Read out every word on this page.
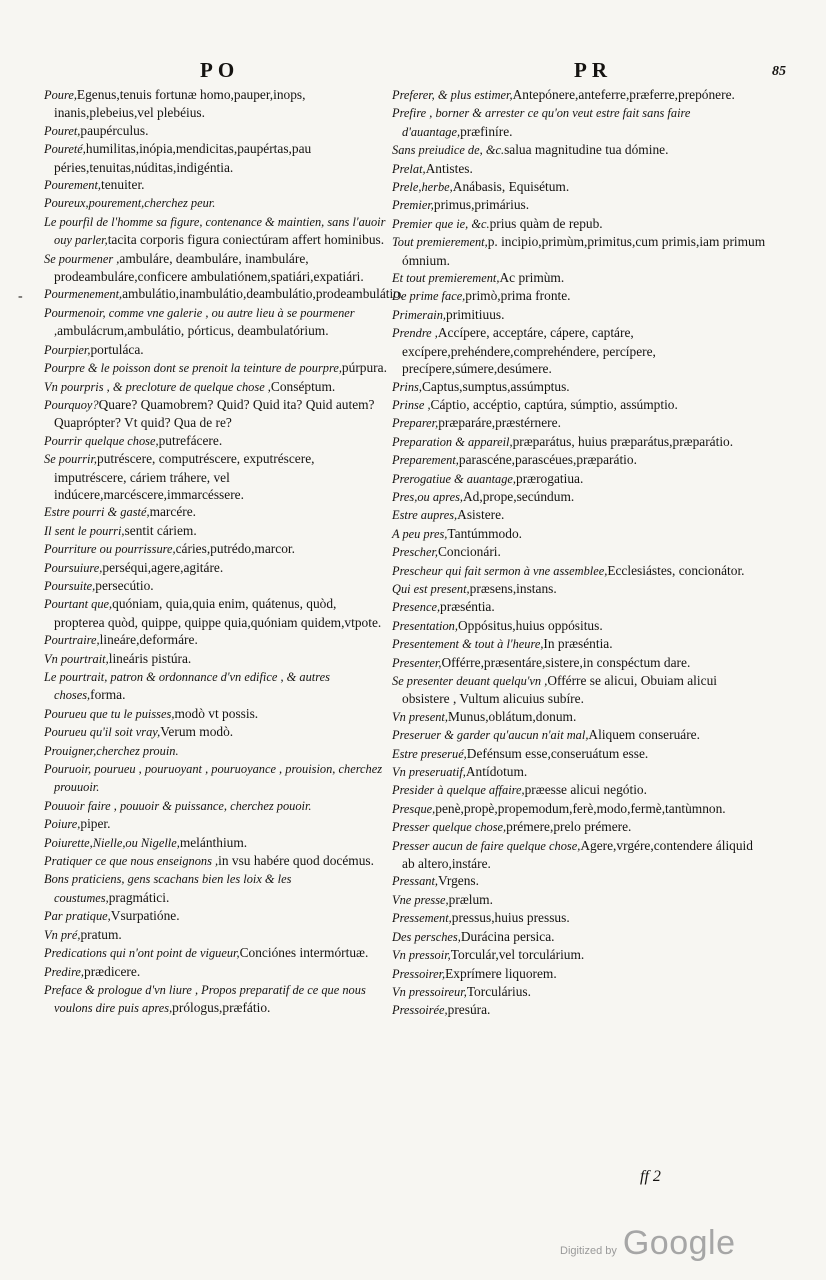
PO	PR	85
-

Poure,Egenus,tenuis fortunæ homo,pauper,inops, inanis,plebeius,vel plebéius.

Pouret,paupérculus.

Poureté,humilitas,inópia,mendicitas,paupértas,pau péries,tenuitas,núditas,indigéntia.

Pourement,tenuiter.

Poureux,pourement,cherchez peur.

Le pourfil de l'homme sa figure, contenance & maintien, sans l'auoir ouy parler,tacita corporis figura coniectúram affert hominibus.

Se pourmener ,ambuláre, deambuláre, inambuláre, prodeambuláre,conficere ambulatiónem,spatiári,expatiári.

Pourmenement,ambulátio,inambulátio,deambulátio,prodeambulátio.

Pourmenoir, comme vne galerie , ou autre lieu à se pourmener ,ambulácrum,ambulátio, pórticus, deambulatórium.

Pourpier,portuláca.

Pourpre & le poisson dont se prenoit la teinture de pourpre,púrpura.

Vn pourpris , & precloture de quelque chose ,Conséptum.

Pourquoy?Quare? Quamobrem? Quid? Quid ita? Quid autem? Quaprópter? Vt quid? Qua de re?

Pourrir quelque chose,putrefácere.

Se pourrir,putréscere, computréscere, exputréscere, imputréscere, cáriem tráhere, vel indúcere,marcéscere,immarcéssere.

Estre pourri & gasté,marcére.

Il sent le pourri,sentit cáriem.

Pourriture ou pourrissure,cáries,putrédo,marcor.

Poursuiure,perséqui,agere,agitáre.

Poursuite,persecútio.

Pourtant que,quóniam, quia,quia enim, quátenus, quòd, propterea quòd, quippe, quippe quia,quóniam quidem,vtpote.

Pourtraire,lineáre,deformáre.

Vn pourtrait,lineáris pistúra.

Le pourtrait, patron & ordonnance d'vn edifice , & autres choses,forma.

Pourueu que tu le puisses,modò vt possis.

Pourueu qu'il soit vray,Verum modò.

Prouigner,cherchez prouin.

Pouruoir, pourueu , pouruoyant , pouruoyance , prouision, cherchez prouuoir.

Pouuoir faire , pouuoir & puissance, cherchez pouoir.

Poiure,piper.

Poiurette,Nielle,ou Nigelle,melánthium.

Pratiquer ce que nous enseignons ,in vsu habére quod docémus.

Bons praticiens, gens scachans bien les loix & les coustumes,pragmátici.

Par pratique,Vsurpatióne.

Vn pré,pratum.

Predications qui n'ont point de vigueur,Conciónes intermórtuæ.

Predire,prædicere.

Preface & prologue d'vn liure , Propos preparatif de ce que nous voulons dire puis apres,prólogus,præfátio.

Preferer, & plus estimer,Antepónere,anteferre,præferre,prepónere.

Prefire , borner & arrester ce qu'on veut estre fait sans faire d'auantage,præfiníre.

Sans preiudice de, &c.salua magnitudine tua dómine.

Prelat,Antistes.

Prele,herbe,Anábasis, Equisétum.

Premier,primus,primárius.

Premier que ie, &c.prius quàm de repub.

Tout premierement,p. incipio,primùm,primitus,cum primis,iam primum ómnium.

Et tout premierement,Ac primùm.

De prime face,primò,prima fronte.

Primerain,primitiuus.

Prendre ,Accípere, acceptáre, cápere, captáre, excípere,prehéndere,comprehéndere, percípere, precípere,súmere,desúmere.

Prins,Captus,sumptus,assúmptus.

Prinse ,Cáptio, accéptio, captúra, súmptio, assúmptio.

Preparer,præparáre,præstérnere.

Preparation & appareil,præparátus, huius præparátus,præparátio.

Preparement,parascéne,parascéues,præparátio.

Prerogatiue & auantage,prærogatiua.

Pres,ou apres,Ad,prope,secúndum.

Estre aupres,Asistere.

A peu pres,Tantúmmodo.

Prescher,Concionári.

Prescheur qui fait sermon à vne assemblee,Ecclesiástes, concionátor.

Qui est present,præsens,instans.

Presence,præséntia.

Presentation,Oppósitus,huius oppósitus.

Presentement & tout à l'heure,In præséntia.

Presenter,Offérre,præsentáre,sistere,in conspéctum dare.

Se presenter deuant quelqu'vn ,Offérre se alicui, Obuiam alicui obsistere , Vultum alicuius subíre.

Vn present,Munus,oblátum,donum.

Preseruer & garder qu'aucun n'ait mal,Aliquem conseruáre.

Estre preserué,Defénsum esse,conseruátum esse.

Vn preseruatif,Antídotum.

Presider à quelque affaire,præesse alicui negótio.

Presque,penè,propè,propemodum,ferè,modo,fermè,tantùmnon.

Presser quelque chose,prémere,prelo prémere.

Presser aucun de faire quelque chose,Agere,vrgére,contendere áliquid ab altero,instáre.

Pressant,Vrgens.

Vne presse,prælum.

Pressement,pressus,huius pressus.

Des persches,Durácina persica.

Vn pressoir,Torculár,vel torculárium.

Pressoirer,Exprímere liquorem.

Vn pressoireur,Torculárius.

Pressoirée,presúra.

ff 2
Digitized by Google
